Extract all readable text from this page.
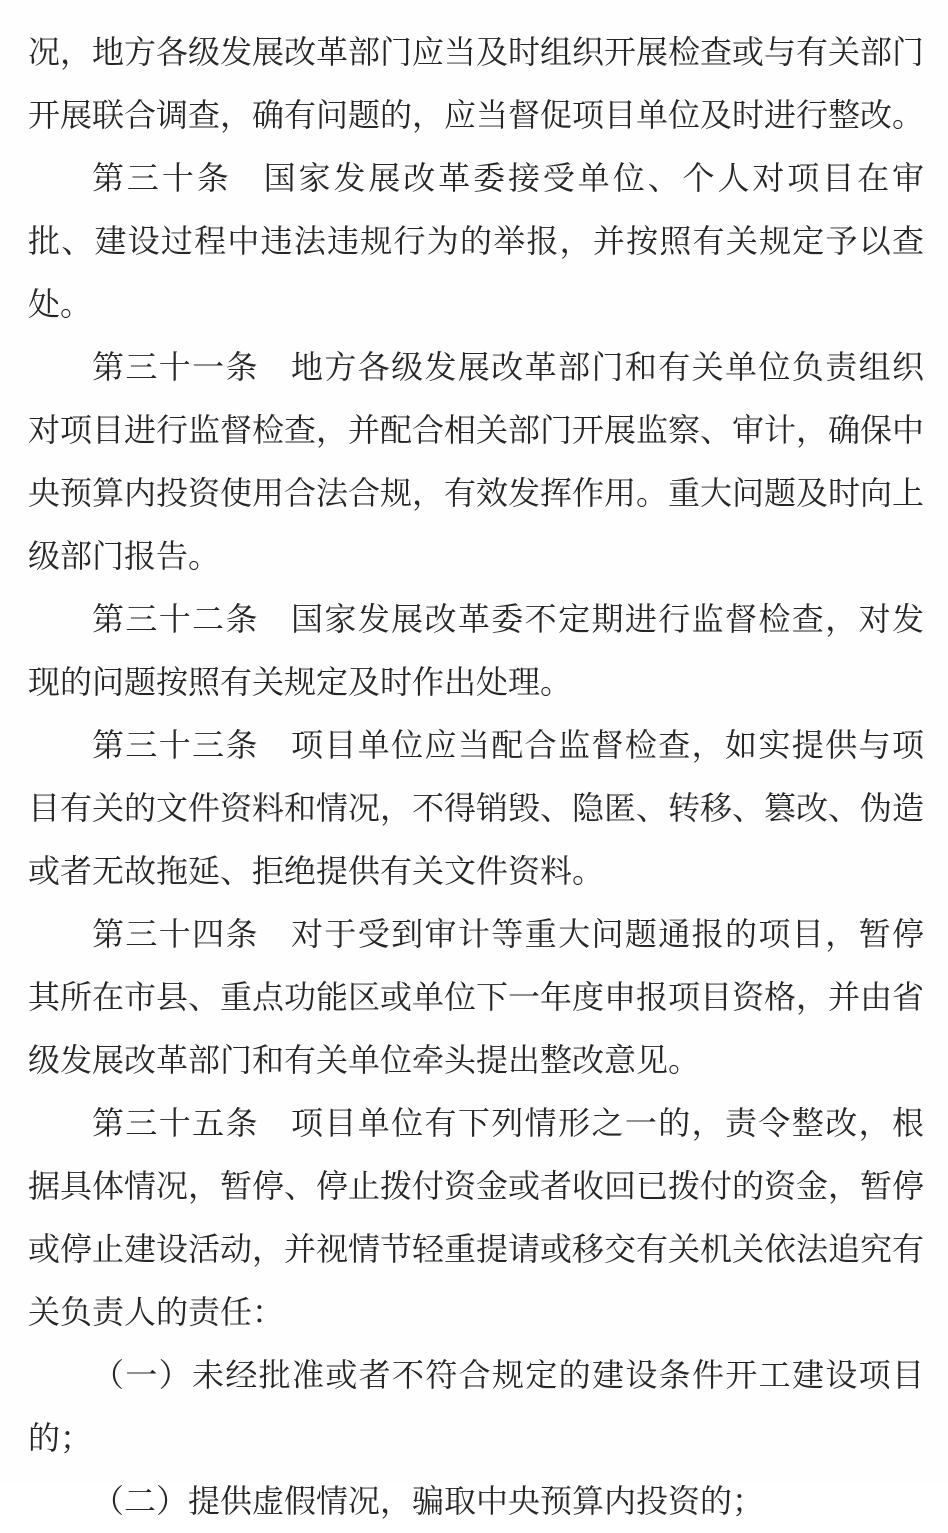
况，地方各级发展改革部门应当及时组织开展检查或与有关部门开展联合调查，确有问题的，应当督促项目单位及时进行整改。

第三十条 国家发展改革委接受单位、个人对项目在审批、建设过程中违法违规行为的举报，并按照有关规定予以查处。

第三十一条 地方各级发展改革部门和有关单位负责组织对项目进行监督检查，并配合相关部门开展监察、审计，确保中央预算内投资使用合法合规，有效发挥作用。重大问题及时向上级部门报告。

第三十二条 国家发展改革委不定期进行监督检查，对发现的问题按照有关规定及时作出处理。

第三十三条 项目单位应当配合监督检查，如实提供与项目有关的文件资料和情况，不得销毁、隐匿、转移、篡改、伪造或者无故拖延、拒绝提供有关文件资料。

第三十四条 对于受到审计等重大问题通报的项目，暂停其所在市县、重点功能区或单位下一年度申报项目资格，并由省级发展改革部门和有关单位牵头提出整改意见。

第三十五条 项目单位有下列情形之一的，责令整改，根据具体情况，暂停、停止拨付资金或者收回已拨付的资金，暂停或停止建设活动，并视情节轻重提请或移交有关机关依法追究有关负责人的责任：

（一）未经批准或者不符合规定的建设条件开工建设项目的；

（二）提供虚假情况，骗取中央预算内投资的；
